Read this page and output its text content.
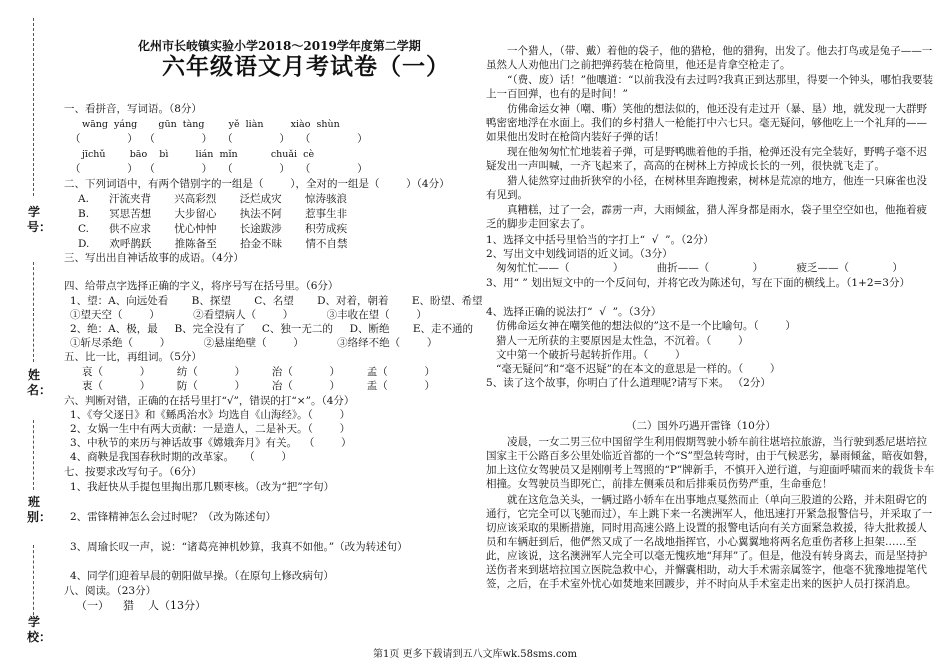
学号：
姓名：
班别：
学校：
化州市长岐镇实验小学2018～2019学年度第二学期
六年级语文月考试卷（一）
一、看拼音，写词语。（8分）
wāng  yáng       gūn  tàng        yě  liàn         xiào  shùn
（              ）  （              ）   （              ）   （              ）
jīchǔ        bāo    bì         lián  mǐn           chuǎi  cè
（              ）  （              ）   （              ）   （              ）
二、下列词语中，有两个错别字的一组是（        ），全对的一组是（        ）（4分）
A.      汗流夹背       兴高彩烈       泛烂成灾       惊涛骇浪
B.      冥思苦想       大步留心       执法不阿       惹事生非
C.      供不应求       忧心忡忡       长途跋涉       积劳成疾
D.      欢呼鹊跃       推陈备至       拾金不昧       情不自禁
三、写出出自神话故事的成语。（4分）
四、给带点字选择正确的字义，将序号写在括号里。（6分）
1、望：A、向远处看       B、探望       C、名望       D、对着，朝着       E、盼望、希望
①望天空（        ）          ②看望病人（        ）          ③丰收在望（        ）
2、绝：A、极，最     B、完全没有了     C、独一无二的     D、断绝       E、走不通的
①斩尽杀绝（        ）          ②悬崖绝壁（        ）          ③络绎不绝（        ）
五、比一比，再组词。（5分）
哀（           ）        纺（           ）        治（           ）        孟（           ）
衷（           ）        防（           ）        冶（           ）        盂（           ）
六、判断对错，正确的在括号里打“√”，错误的打“×”。（4分）
1、《夸父逐日》和《鲧禹治水》均选自《山海经》。（        ）
2、女娲一生中有两大贡献：一是造人，二是补天。（        ）
3、中秋节的来历与神话故事《嫦娥奔月》有关。  （        ）
4、商鞅是我国春秋时期的改革家。   （        ）
七、按要求改写句子。（6分）
1、我赶快从手提包里掏出那几颗枣核。（改为“把”字句）
2、雷锋精神怎么会过时呢？（改为陈述句）
3、周瑜长叹一声，说：“诸葛亮神机妙算，我真不如他。”（改为转述句）
4、同学们迎着早晨的朝阳做早操。（在原句上修改病句）
八、阅读。（23分）
（一）    猎    人（13分）
一个猎人，（带、戴）着他的袋子，他的猎枪，他的猎狗，出发了。他去打鸟或是兔子——一虽然人人劝他出门之前把弹药装在枪筒里，他还是肯拿空枪走了。
“（费、废）话！”他嚷道：“以前我没有去过吗?我真正到达那里，得要一个钟头，哪怕我要装上一百回弹，也有的是时间！”
仿佛命运女神（嘲、嘶）笑他的想法似的，他还没有走过开（暴、垦）地，就发现一大群野鸭密密地浮在水面上。我们的乡村猎人一枪能打中六七只。毫无疑问，够他吃上一个礼拜的——如果他出发时在枪筒内装好子弹的话！
现在他匆匆忙忙地装着子弹，可是野鸭瞧着他的手指，枪弹还没有完全装好，野鸭子毫不迟疑发出一声叫喊，一齐飞起来了，高高的在树林上方掉成长长的一列，很快就飞走了。
猎人徒然穿过曲折狭窄的小径，在树林里奔跑搜索，树林是荒凉的地方，他连一只麻雀也没有见到。
真糟糕，过了一会，霹雳一声，大雨倾盆，猎人浑身都是雨水，袋子里空空如也，他拖着疲乏的脚步走回家去了。
1、选择文中括号里恰当的字打上“  √  ”。（2分）
2、写出文中划线词语的近义词。（3分）
匆匆忙忙——（             ）          曲折——（             ）          疲乏——（             ）
3、用“ ” 划出短文中的一个反问句，并将它改为陈述句，写在下面的横线上。（1+2=3分）
4、选择正确的说法打“  √  ”。（3分）
仿佛命运女神在嘲笑他的想法似的”这不是一个比喻句。（        ）
猎人一无所获的主要原因是太性急，不沉着。（        ）
文中第一个破折号起转折作用。（        ）
“毫无疑问”和“毫不迟疑”的在本文的意思是一样的。（        ）
5、读了这个故事，你明白了什么道理呢?请写下来。 （2分）
（二）国外巧遇开雷锋（10分）
凌晨，一女二男三位中国留学生利用假期驾驶小轿车前往堪培拉旅游，当行驶到悉尼堪培拉国家主干公路百多公里处临近首都的一个“S”型急转弯时，由于气候恶劣，暴雨倾盆，暗夜如磐，加上这位女驾驶员又是刚刚考上驾照的“P”牌新手，不慎开入逆行道，与迎面呼啸而来的载货卡车相撞。女驾驶员当即死亡，前排左侧乘员和后排乘员伤势严重，生命垂危！
就在这危急关头，一辆过路小轿车在出事地点戛然而止（单向三股道的公路，并未阻碍它的通行，它完全可以飞驰而过），车上跳下来一名澳洲军人，他迅速打开紧急报警信号，并采取了一切应该采取的果断措施，同时用高速公路上设置的报警电话向有关方面紧急救援，待大批救援人员和车辆赶到后，他俨然又成了一名战地指挥官，小心翼翼地将两名危重伤者移上担架……至此，应该说，这名澳洲军人完全可以毫无愧疚地“拜拜”了。但是，他没有转身离去，而是坚持护送伤者来到堪培拉国立医院急救中心，并懈囊相助，动大手术需亲属签字，他毫不犹豫地提笔代签，之后，在手术室外忧心如焚地来回踱步，并不时向从手术室走出来的医护人员打探消息。
第1页 更多下载请到五八文库wk.58sms.com
